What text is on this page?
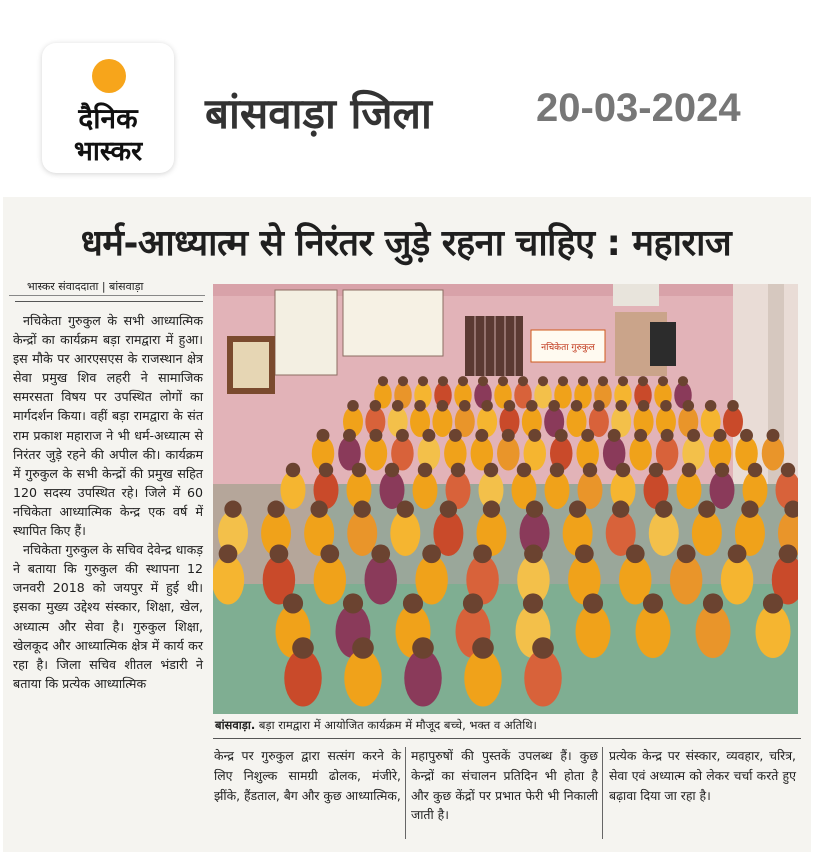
दैनिक
भास्कर
बांसवाड़ा जिला	20-03-2024
धर्म-आध्यात्म से निरंतर जुड़े रहना चाहिए : महाराज
भास्कर संवाददाता | बांसवाड़ा

नचिकेता गुरुकुल के सभी आध्यात्मिक केन्द्रों का कार्यक्रम बड़ा रामद्वारा में हुआ। इस मौके पर आरएसएस के राजस्थान क्षेत्र सेवा प्रमुख शिव लहरी ने सामाजिक समरसता विषय पर उपस्थित लोगों का मार्गदर्शन किया। वहीं बड़ा रामद्वारा के संत राम प्रकाश महाराज ने भी धर्म-अध्यात्म से निरंतर जुड़े रहने की अपील की। कार्यक्रम में गुरुकुल के सभी केन्द्रों की प्रमुख सहित 120 सदस्य उपस्थित रहे। जिले में 60 नचिकेता आध्यात्मिक केन्द्र एक वर्ष में स्थापित किए हैं।

नचिकेता गुरुकुल के सचिव देवेन्द्र धाकड़ ने बताया कि गुरुकुल की स्थापना 12 जनवरी 2018 को जयपुर में हुई थी। इसका मुख्य उद्देश्य संस्कार, शिक्षा, खेल, अध्यात्म और सेवा है। गुरुकुल शिक्षा, खेलकूद और आध्यात्मिक क्षेत्र में कार्य कर रहा है। जिला सचिव शीतल भंडारी ने बताया कि प्रत्येक आध्यात्मिक

नचिकेता गुरुकुल
बांसवाड़ा. बड़ा रामद्वारा में आयोजित कार्यक्रम में मौजूद बच्चे, भक्त व अतिथि।
केन्द्र पर गुरुकुल द्वारा सत्संग करने के लिए निशुल्क सामग्री ढोलक, मंजीरे, झींके, हैंडताल, बैग और कुछ आध्यात्मिक,
महापुरुषों की पुस्तकें उपलब्ध हैं। कुछ केन्द्रों का संचालन प्रतिदिन भी होता है और कुछ केंद्रों पर प्रभात फेरी भी निकाली जाती है।
प्रत्येक केन्द्र पर संस्कार, व्यवहार, चरित्र, सेवा एवं अध्यात्म को लेकर चर्चा करते हुए बढ़ावा दिया जा रहा है।
